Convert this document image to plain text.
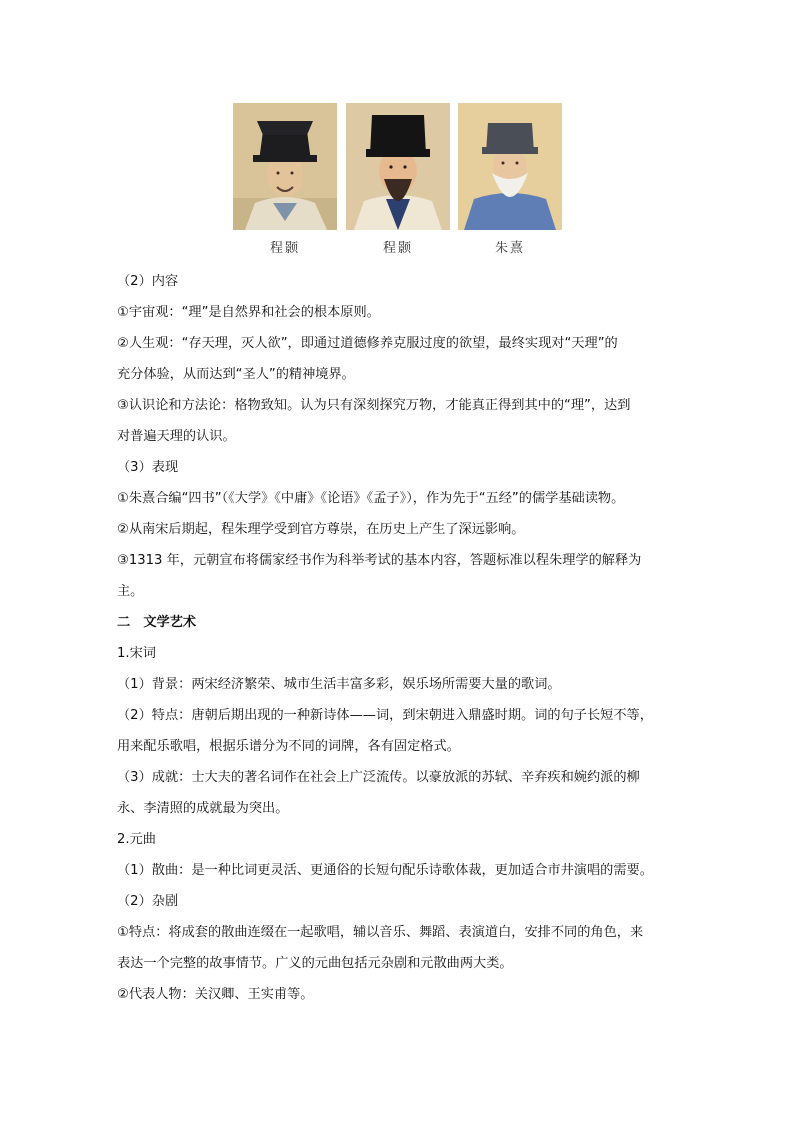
程颢	程颢	朱熹
（2）内容
①宇宙观：“理”是自然界和社会的根本原则。
②人生观：“存天理，灭人欲”，即通过道德修养克服过度的欲望，最终实现对“天理”的
充分体验，从而达到“圣人”的精神境界。
③认识论和方法论：格物致知。认为只有深刻探究万物，才能真正得到其中的“理”，达到
对普遍天理的认识。
（3）表现
①朱熹合编“四书”（《大学》《中庸》《论语》《孟子》），作为先于“五经”的儒学基础读物。
②从南宋后期起，程朱理学受到官方尊崇，在历史上产生了深远影响。
③1313 年，元朝宣布将儒家经书作为科举考试的基本内容，答题标准以程朱理学的解释为
主。
二　文学艺术
1.宋词
（1）背景：两宋经济繁荣、城市生活丰富多彩，娱乐场所需要大量的歌词。
（2）特点：唐朝后期出现的一种新诗体——词，到宋朝进入鼎盛时期。词的句子长短不等，
用来配乐歌唱，根据乐谱分为不同的词牌，各有固定格式。
（3）成就：士大夫的著名词作在社会上广泛流传。以豪放派的苏轼、辛弃疾和婉约派的柳
永、李清照的成就最为突出。
2.元曲
（1）散曲：是一种比词更灵活、更通俗的长短句配乐诗歌体裁，更加适合市井演唱的需要。
（2）杂剧
①特点：将成套的散曲连缀在一起歌唱，辅以音乐、舞蹈、表演道白，安排不同的角色，来
表达一个完整的故事情节。广义的元曲包括元杂剧和元散曲两大类。
②代表人物：关汉卿、王实甫等。
